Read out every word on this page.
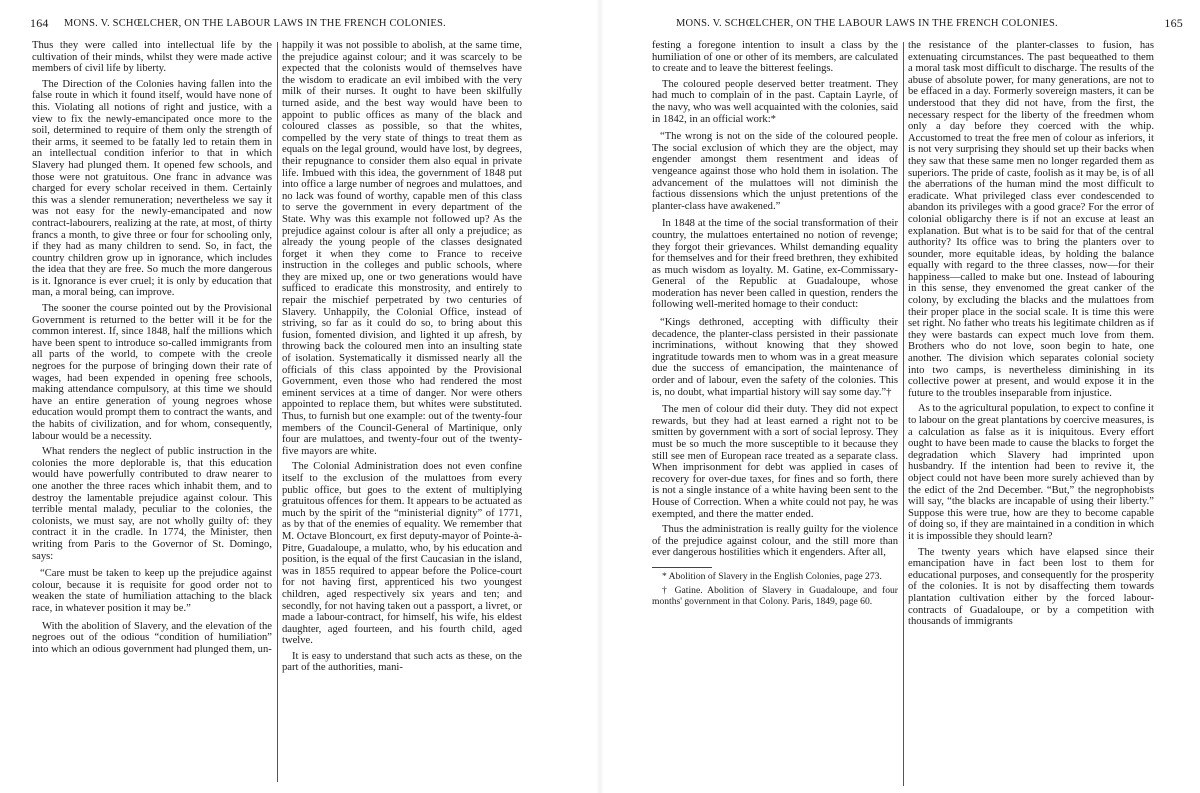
164 MONS. V. SCHŒLCHER, ON THE LABOUR LAWS IN THE FRENCH COLONIES.

Thus they were called into intellectual life by the cultivation of their minds, whilst they were made active members of civil life by liberty.

The Direction of the Colonies having fallen into the false route in which it found itself, would have none of this. Violating all notions of right and justice, with a view to fix the newly-emancipated once more to the soil, determined to require of them only the strength of their arms, it seemed to be fatally led to retain them in an intellectual condition inferior to that in which Slavery had plunged them. It opened few schools, and those were not gratuitous. One franc in advance was charged for every scholar received in them. Certainly this was a slender remuneration; nevertheless we say it was not easy for the newly-emancipated and now contract-labourers, realizing at the rate, at most, of thirty francs a month, to give three or four for schooling only, if they had as many children to send. So, in fact, the country children grow up in ignorance, which includes the idea that they are free. So much the more dangerous is it. Ignorance is ever cruel; it is only by education that man, a moral being, can improve.

The sooner the course pointed out by the Provisional Government is returned to the better will it be for the common interest. If, since 1848, half the millions which have been spent to introduce so-called immigrants from all parts of the world, to compete with the creole negroes for the purpose of bringing down their rate of wages, had been expended in opening free schools, making attendance compulsory, at this time we should have an entire generation of young negroes whose education would prompt them to contract the wants, and the habits of civilization, and for whom, consequently, labour would be a necessity.

What renders the neglect of public instruction in the colonies the more deplorable is, that this education would have powerfully contributed to draw nearer to one another the three races which inhabit them, and to destroy the lamentable prejudice against colour. This terrible mental malady, peculiar to the colonies, the colonists, we must say, are not wholly guilty of: they contract it in the cradle. In 1774, the Minister, then writing from Paris to the Governor of St. Domingo, says:

“Care must be taken to keep up the prejudice against colour, because it is requisite for good order not to weaken the state of humiliation attaching to the black race, in whatever position it may be.”

With the abolition of Slavery, and the elevation of the negroes out of the odious “condition of humiliation” into which an odious government had plunged them, un-

happily it was not possible to abolish, at the same time, the prejudice against colour; and it was scarcely to be expected that the colonists would of themselves have the wisdom to eradicate an evil imbibed with the very milk of their nurses. It ought to have been skilfully turned aside, and the best way would have been to appoint to public offices as many of the black and coloured classes as possible, so that the whites, compelled by the very state of things to treat them as equals on the legal ground, would have lost, by degrees, their repugnance to consider them also equal in private life. Imbued with this idea, the government of 1848 put into office a large number of negroes and mulattoes, and no lack was found of worthy, capable men of this class to serve the government in every department of the State. Why was this example not followed up? As the prejudice against colour is after all only a prejudice; as already the young people of the classes designated forget it when they come to France to receive instruction in the colleges and public schools, where they are mixed up, one or two generations would have sufficed to eradicate this monstrosity, and entirely to repair the mischief perpetrated by two centuries of Slavery. Unhappily, the Colonial Office, instead of striving, so far as it could do so, to bring about this fusion, fomented division, and lighted it up afresh, by throwing back the coloured men into an insulting state of isolation. Systematically it dismissed nearly all the officials of this class appointed by the Provisional Government, even those who had rendered the most eminent services at a time of danger. Nor were others appointed to replace them, but whites were substituted. Thus, to furnish but one example: out of the twenty-four members of the Council-General of Martinique, only four are mulattoes, and twenty-four out of the twenty-five mayors are white.

The Colonial Administration does not even confine itself to the exclusion of the mulattoes from every public office, but goes to the extent of multiplying gratuitous offences for them. It appears to be actuated as much by the spirit of the “ministerial dignity” of 1771, as by that of the enemies of equality. We remember that M. Octave Bloncourt, ex first deputy-mayor of Pointe-à-Pitre, Guadaloupe, a mulatto, who, by his education and position, is the equal of the first Caucasian in the island, was in 1855 required to appear before the Police-court for not having first, apprenticed his two youngest children, aged respectively six years and ten; and secondly, for not having taken out a passport, a livret, or made a labour-contract, for himself, his wife, his eldest daughter, aged fourteen, and his fourth child, aged twelve.

It is easy to understand that such acts as these, on the part of the authorities, mani-

MONS. V. SCHŒLCHER, ON THE LABOUR LAWS IN THE FRENCH COLONIES.	165

festing a foregone intention to insult a class by the humiliation of one or other of its members, are calculated to create and to leave the bitterest feelings.

The coloured people deserved better treatment. They had much to complain of in the past. Captain Layrle, of the navy, who was well acquainted with the colonies, said in 1842, in an official work:*

“The wrong is not on the side of the coloured people. The social exclusion of which they are the object, may engender amongst them resentment and ideas of vengeance against those who hold them in isolation. The advancement of the mulattoes will not diminish the factious dissensions which the unjust pretentions of the planter-class have awakened.”

In 1848 at the time of the social transformation of their country, the mulattoes entertained no notion of revenge; they forgot their grievances. Whilst demanding equality for themselves and for their freed brethren, they exhibited as much wisdom as loyalty. M. Gatine, ex-Commissary-General of the Republic at Guadaloupe, whose moderation has never been called in question, renders the following well-merited homage to their conduct:

“Kings dethroned, accepting with difficulty their decadence, the planter-class persisted in their passionate incriminations, without knowing that they showed ingratitude towards men to whom was in a great measure due the success of emancipation, the maintenance of order and of labour, even the safety of the colonies. This is, no doubt, what impartial history will say some day.”†

The men of colour did their duty. They did not expect rewards, but they had at least earned a right not to be smitten by government with a sort of social leprosy. They must be so much the more susceptible to it because they still see men of European race treated as a separate class. When imprisonment for debt was applied in cases of recovery for over-due taxes, for fines and so forth, there is not a single instance of a white having been sent to the House of Correction. When a white could not pay, he was exempted, and there the matter ended.

Thus the administration is really guilty for the violence of the prejudice against colour, and the still more than ever dangerous hostilities which it engenders. After all,

* Abolition of Slavery in the English Colonies, page 273.

† Gatine. Abolition of Slavery in Guadaloupe, and four months' government in that Colony. Paris, 1849, page 60.

the resistance of the planter-classes to fusion, has extenuating circumstances. The past bequeathed to them a moral task most difficult to discharge. The results of the abuse of absolute power, for many generations, are not to be effaced in a day. Formerly sovereign masters, it can be understood that they did not have, from the first, the necessary respect for the liberty of the freedmen whom only a day before they coerced with the whip. Accustomed to treat the free men of colour as inferiors, it is not very surprising they should set up their backs when they saw that these same men no longer regarded them as superiors. The pride of caste, foolish as it may be, is of all the aberrations of the human mind the most difficult to eradicate. What privileged class ever condescended to abandon its privileges with a good grace? For the error of colonial obligarchy there is if not an excuse at least an explanation. But what is to be said for that of the central authority? Its office was to bring the planters over to sounder, more equitable ideas, by holding the balance equally with regard to the three classes, now—for their happiness—called to make but one. Instead of labouring in this sense, they envenomed the great canker of the colony, by excluding the blacks and the mulattoes from their proper place in the social scale. It is time this were set right. No father who treats his legitimate children as if they were bastards can expect much love from them. Brothers who do not love, soon begin to hate, one another. The division which separates colonial society into two camps, is nevertheless diminishing in its collective power at present, and would expose it in the future to the troubles inseparable from injustice.

As to the agricultural population, to expect to confine it to labour on the great plantations by coercive measures, is a calculation as false as it is iniquitous. Every effort ought to have been made to cause the blacks to forget the degradation which Slavery had imprinted upon husbandry. If the intention had been to revive it, the object could not have been more surely achieved than by the edict of the 2nd December. “But,” the negrophobists will say, “the blacks are incapable of using their liberty.” Suppose this were true, how are they to become capable of doing so, if they are maintained in a condition in which it is impossible they should learn?

The twenty years which have elapsed since their emancipation have in fact been lost to them for educational purposes, and consequently for the prosperity of the colonies. It is not by disaffecting them towards plantation cultivation either by the forced labour-contracts of Guadaloupe, or by a competition with thousands of immigrants
